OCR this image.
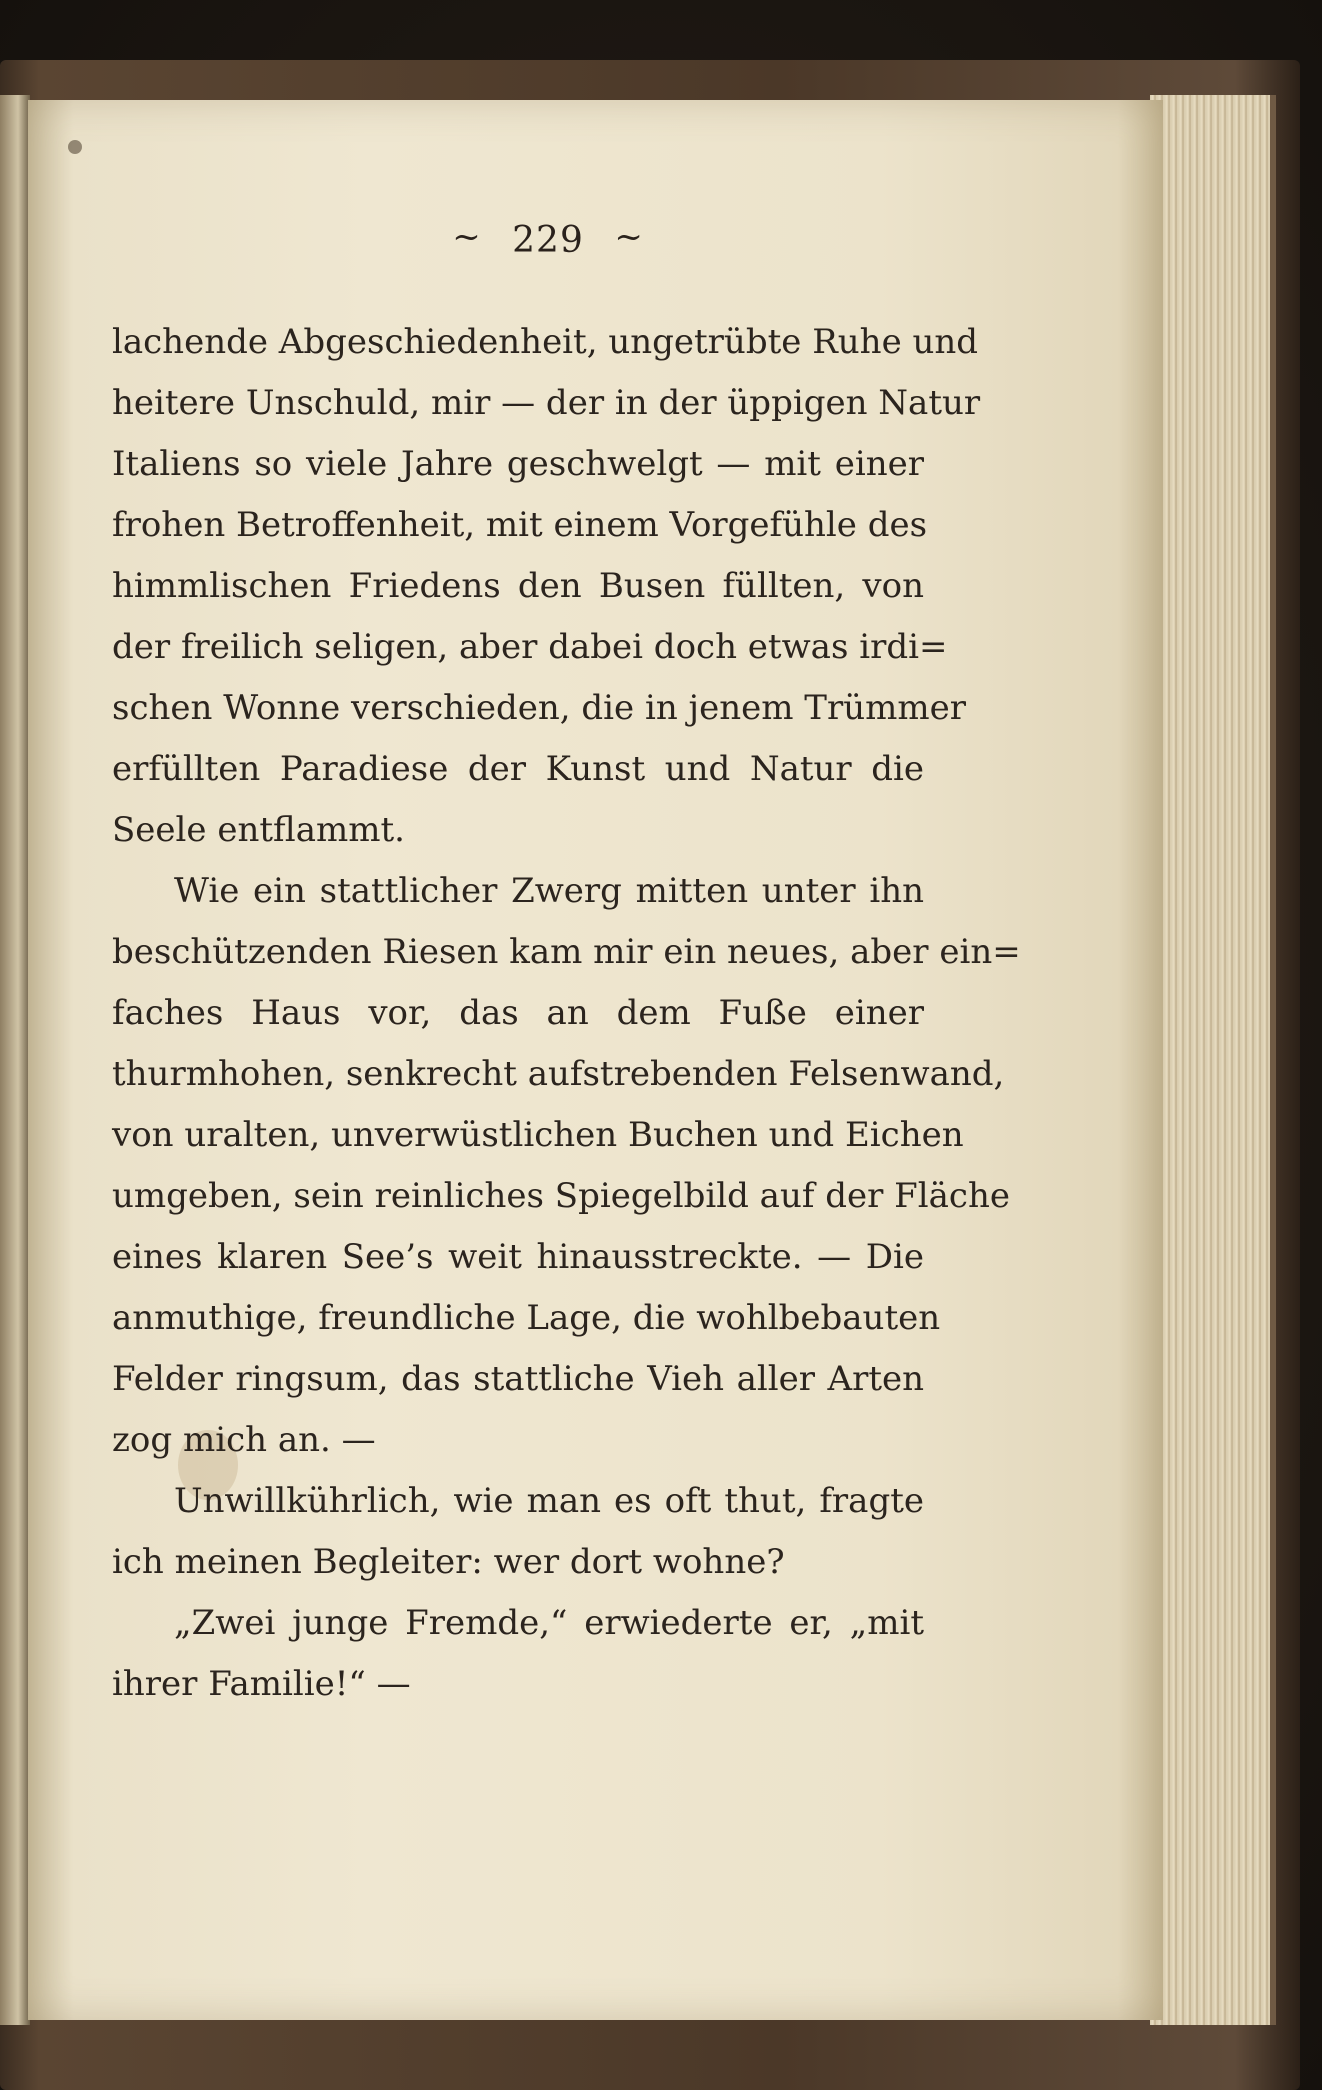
~ 229 ~
lachende Abgeschiedenheit, ungetrübte Ruhe und
heitere Unschuld, mir — der in der üppigen Natur
Italiens so viele Jahre geschwelgt — mit einer
frohen Betroffenheit, mit einem Vorgefühle des
himmlischen Friedens den Busen füllten, von
der freilich seligen, aber dabei doch etwas irdi=
schen Wonne verschieden, die in jenem Trümmer
erfüllten Paradiese der Kunst und Natur die
Seele entflammt.
Wie ein stattlicher Zwerg mitten unter ihn
beschützenden Riesen kam mir ein neues, aber ein=
faches Haus vor, das an dem Fuße einer
thurmhohen, senkrecht aufstrebenden Felsenwand,
von uralten, unverwüstlichen Buchen und Eichen
umgeben, sein reinliches Spiegelbild auf der Fläche
eines klaren See’s weit hinausstreckte. — Die
anmuthige, freundliche Lage, die wohlbebauten
Felder ringsum, das stattliche Vieh aller Arten
zog mich an. —
Unwillkührlich, wie man es oft thut, fragte
ich meinen Begleiter: wer dort wohne?
„Zwei junge Fremde,“ erwiederte er, „mit
ihrer Familie!“ —
